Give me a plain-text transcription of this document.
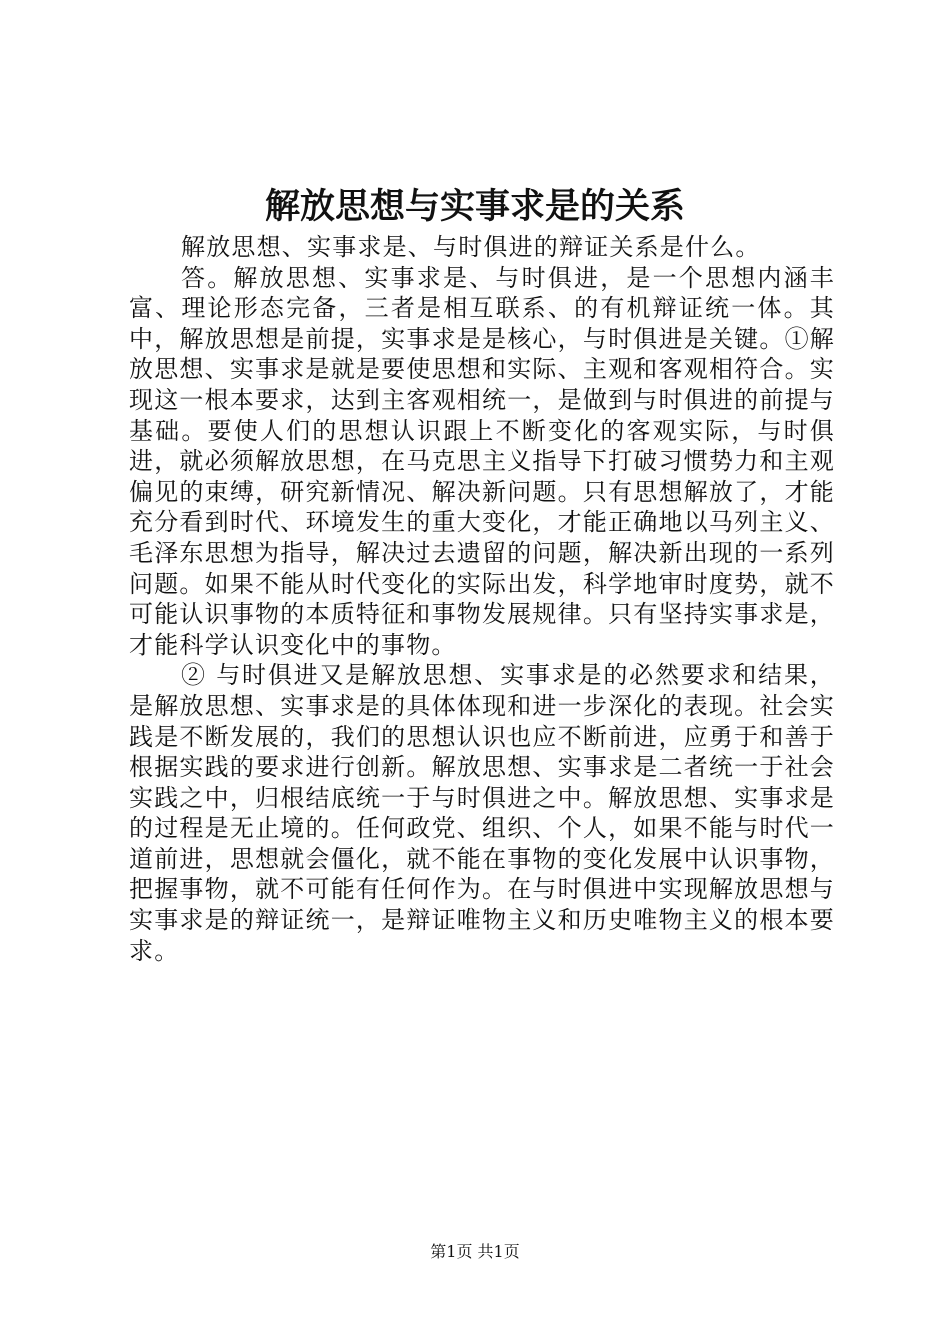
解放思想与实事求是的关系

解放思想、实事求是、与时俱进的辩证关系是什么。

答。解放思想、实事求是、与时俱进，是一个思想内涵丰富、理论形态完备，三者是相互联系、的有机辩证统一体。其中，解放思想是前提，实事求是是核心，与时俱进是关键。①解放思想、实事求是就是要使思想和实际、主观和客观相符合。实现这一根本要求，达到主客观相统一，是做到与时俱进的前提与基础。要使人们的思想认识跟上不断变化的客观实际，与时俱进，就必须解放思想，在马克思主义指导下打破习惯势力和主观偏见的束缚，研究新情况、解决新问题。只有思想解放了，才能充分看到时代、环境发生的重大变化，才能正确地以马列主义、毛泽东思想为指导，解决过去遗留的问题，解决新出现的一系列问题。如果不能从时代变化的实际出发，科学地审时度势，就不可能认识事物的本质特征和事物发展规律。只有坚持实事求是，才能科学认识变化中的事物。

② 与时俱进又是解放思想、实事求是的必然要求和结果，是解放思想、实事求是的具体体现和进一步深化的表现。社会实践是不断发展的，我们的思想认识也应不断前进，应勇于和善于根据实践的要求进行创新。解放思想、实事求是二者统一于社会实践之中，归根结底统一于与时俱进之中。解放思想、实事求是的过程是无止境的。任何政党、组织、个人，如果不能与时代一道前进，思想就会僵化，就不能在事物的变化发展中认识事物，把握事物，就不可能有任何作为。在与时俱进中实现解放思想与实事求是的辩证统一，是辩证唯物主义和历史唯物主义的根本要求。

第1页 共1页
